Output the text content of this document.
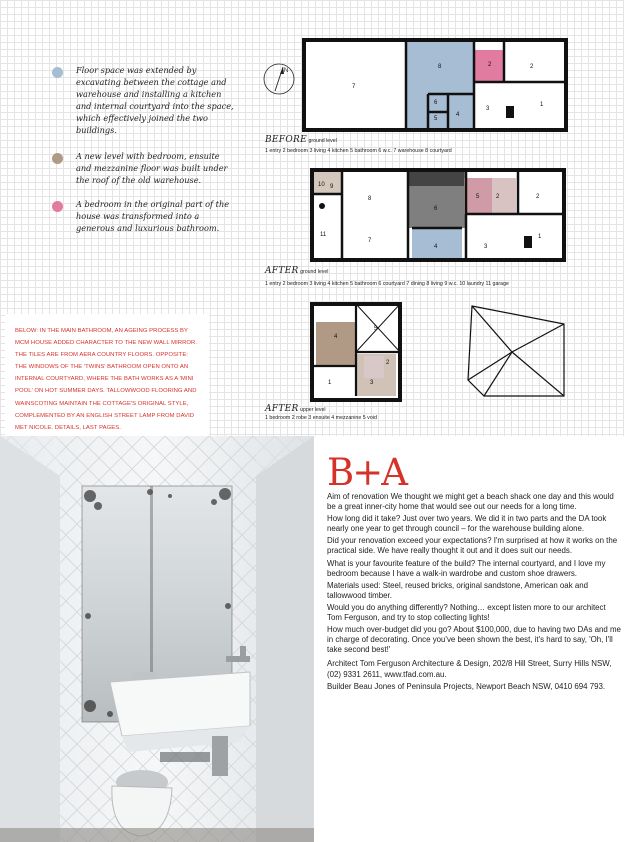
Floor space was extended by excavating between the cottage and warehouse and installing a kitchen and internal courtyard into the space, which effectively joined the two buildings.
A new level with bedroom, ensuite and mezzanine floor was built under the roof of the old warehouse.
A bedroom in the original part of the house was transformed into a generous and luxurious bathroom.
N
7
8	2	2
3
4
5
6	1
BEFORE ground level
1 entry 2 bedroom 3 living 4 kitchen 5 bathroom 6 w.c. 7 warehouse 8 courtyard
10 9
11
8
7
6
4
5	2	2
3
1
AFTER ground level
1 entry 2 bedroom 3 living 4 kitchen 5 bathroom 6 courtyard 7 dining 8 living 9 w.c. 10 laundry 11 garage
4
1
5
2
3
AFTER upper level
1 bedroom 2 robe 3 ensuite 4 mezzanine 5 void
BELOW: IN THE MAIN BATHROOM, AN AGEING PROCESS BY MCM HOUSE ADDED CHARACTER TO THE NEW WALL MIRROR. THE TILES ARE FROM AERA COUNTRY FLOORS. OPPOSITE: THE WINDOWS OF THE 'TWINS' BATHROOM OPEN ONTO AN INTERNAL COURTYARD, WHERE THE BATH WORKS AS A 'MINI POOL' ON HOT SUMMER DAYS. TALLOWWOOD FLOORING AND WAINSCOTING MAINTAIN THE COTTAGE'S ORIGINAL STYLE, COMPLEMENTED BY AN ENGLISH STREET LAMP FROM DAVID MET NICOLE. DETAILS, LAST PAGES.
B+A

Aim of renovation We thought we might get a beach shack one day and this would be a great inner-city home that would see out our needs for a long time.

How long did it take? Just over two years. We did it in two parts and the DA took nearly one year to get through council – for the warehouse building alone.

Did your renovation exceed your expectations? I'm surprised at how it works on the practical side. We have really thought it out and it does suit our needs.

What is your favourite feature of the build? The internal courtyard, and I love my bedroom because I have a walk-in wardrobe and custom shoe drawers.

Materials used: Steel, reused bricks, original sandstone, American oak and tallowwood timber.

Would you do anything differently? Nothing… except listen more to our architect Tom Ferguson, and try to stop collecting lights!

How much over-budget did you go? About $100,000, due to having two DAs and me in charge of decorating. Once you've been shown the best, it's hard to say, 'Oh, I'll take second best!'

Architect Tom Ferguson Architecture & Design, 202/8 Hill Street, Surry Hills NSW, (02) 9331 2611, www.tfad.com.au.

Builder Beau Jones of Peninsula Projects, Newport Beach NSW, 0410 694 793.
